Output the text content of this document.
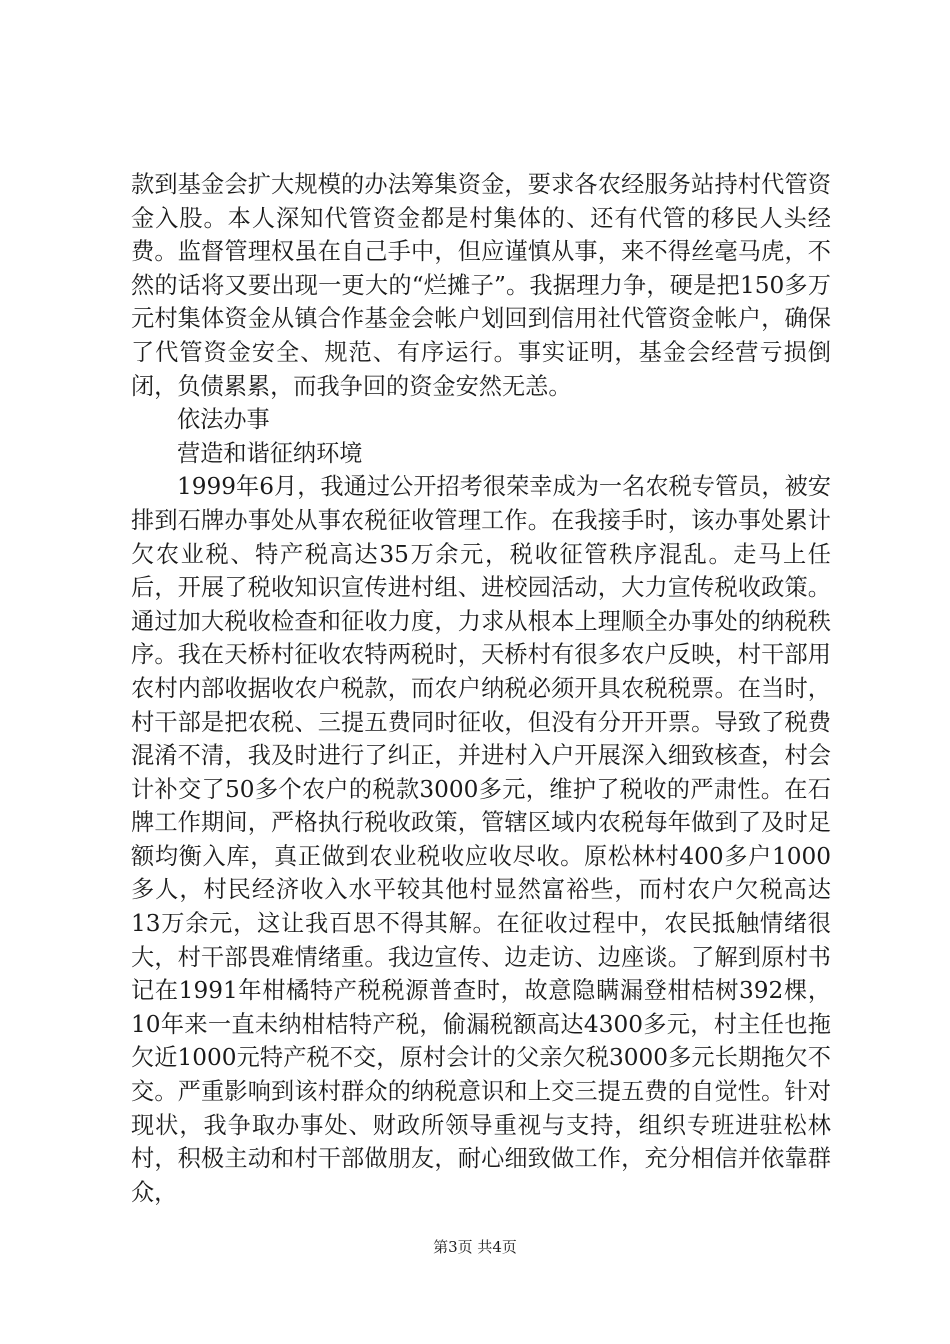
款到基金会扩大规模的办法筹集资金，要求各农经服务站持村代管资金入股。本人深知代管资金都是村集体的、还有代管的移民人头经费。监督管理权虽在自己手中，但应谨慎从事，来不得丝毫马虎，不然的话将又要出现一更大的“烂摊子”。我据理力争，硬是把150多万元村集体资金从镇合作基金会帐户划回到信用社代管资金帐户，确保了代管资金安全、规范、有序运行。事实证明，基金会经营亏损倒闭，负债累累，而我争回的资金安然无恙。

依法办事

营造和谐征纳环境

1999年6月，我通过公开招考很荣幸成为一名农税专管员，被安排到石牌办事处从事农税征收管理工作。在我接手时，该办事处累计欠农业税、特产税高达35万余元，税收征管秩序混乱。走马上任后，开展了税收知识宣传进村组、进校园活动，大力宣传税收政策。通过加大税收检查和征收力度，力求从根本上理顺全办事处的纳税秩序。我在天桥村征收农特两税时，天桥村有很多农户反映，村干部用农村内部收据收农户税款，而农户纳税必须开具农税税票。在当时，村干部是把农税、三提五费同时征收，但没有分开开票。导致了税费混淆不清，我及时进行了纠正，并进村入户开展深入细致核查，村会计补交了50多个农户的税款3000多元，维护了税收的严肃性。在石牌工作期间，严格执行税收政策，管辖区域内农税每年做到了及时足额均衡入库，真正做到农业税收应收尽收。原松林村400多户1000多人，村民经济收入水平较其他村显然富裕些，而村农户欠税高达13万余元，这让我百思不得其解。在征收过程中，农民抵触情绪很大，村干部畏难情绪重。我边宣传、边走访、边座谈。了解到原村书记在1991年柑橘特产税税源普查时，故意隐瞒漏登柑桔树392棵，10年来一直未纳柑桔特产税，偷漏税额高达4300多元，村主任也拖欠近1000元特产税不交，原村会计的父亲欠税3000多元长期拖欠不交。严重影响到该村群众的纳税意识和上交三提五费的自觉性。针对现状，我争取办事处、财政所领导重视与支持，组织专班进驻松林村，积极主动和村干部做朋友，耐心细致做工作，充分相信并依靠群众，

第3页 共4页
